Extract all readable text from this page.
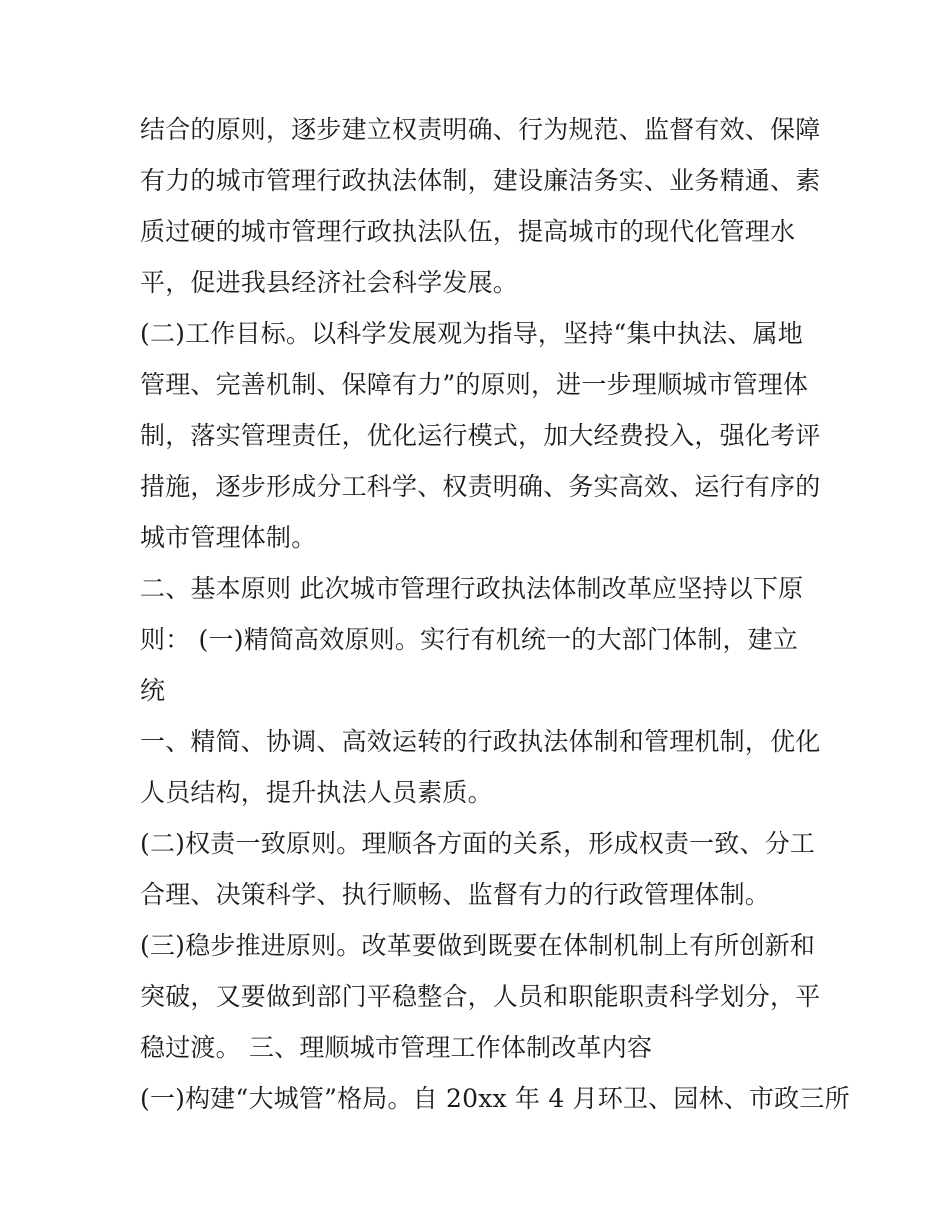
结合的原则，逐步建立权责明确、行为规范、监督有效、保障
有力的城市管理行政执法体制，建设廉洁务实、业务精通、素
质过硬的城市管理行政执法队伍，提高城市的现代化管理水
平，促进我县经济社会科学发展。
(二)工作目标。以科学发展观为指导，坚持“集中执法、属地
管理、完善机制、保障有力”的原则，进一步理顺城市管理体
制，落实管理责任，优化运行模式，加大经费投入，强化考评
措施，逐步形成分工科学、权责明确、务实高效、运行有序的
城市管理体制。
二、基本原则 此次城市管理行政执法体制改革应坚持以下原
则： (一)精简高效原则。实行有机统一的大部门体制，建立
统
一、精简、协调、高效运转的行政执法体制和管理机制，优化
人员结构，提升执法人员素质。
(二)权责一致原则。理顺各方面的关系，形成权责一致、分工
合理、决策科学、执行顺畅、监督有力的行政管理体制。
(三)稳步推进原则。改革要做到既要在体制机制上有所创新和
突破，又要做到部门平稳整合，人员和职能职责科学划分，平
稳过渡。 三、理顺城市管理工作体制改革内容
(一)构建“大城管”格局。自 20xx 年 4 月环卫、园林、市政三所
